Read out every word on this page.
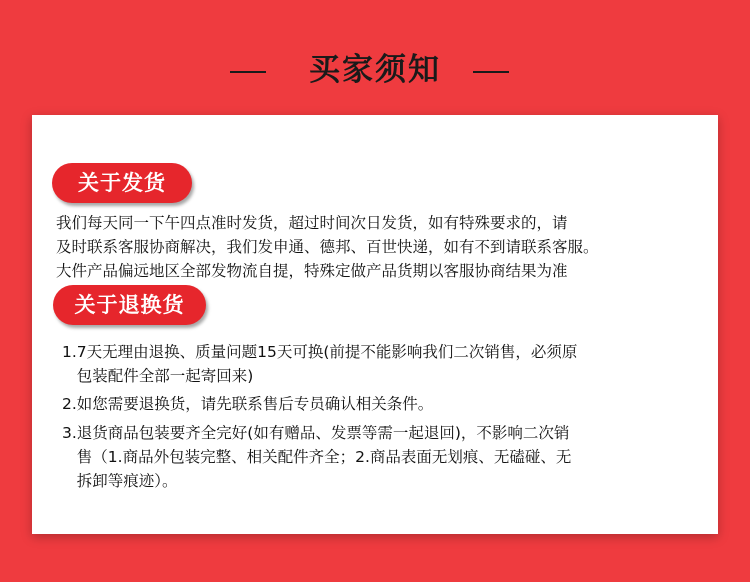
买家须知
关于发货
我们每天同一下午四点准时发货，超过时间次日发货，如有特殊要求的，请
及时联系客服协商解决，我们发申通、德邦、百世快递，如有不到请联系客服。
大件产品偏远地区全部发物流自提，特殊定做产品货期以客服协商结果为准
关于退换货
1. 7天无理由退换、质量问题15天可换(前提不能影响我们二次销售，必须原
包装配件全部一起寄回来)
2. 如您需要退换货，请先联系售后专员确认相关条件。
3. 退货商品包装要齐全完好(如有赠品、发票等需一起退回)，不影响二次销
售（1.商品外包装完整、相关配件齐全；2.商品表面无划痕、无磕碰、无
拆卸等痕迹）。
